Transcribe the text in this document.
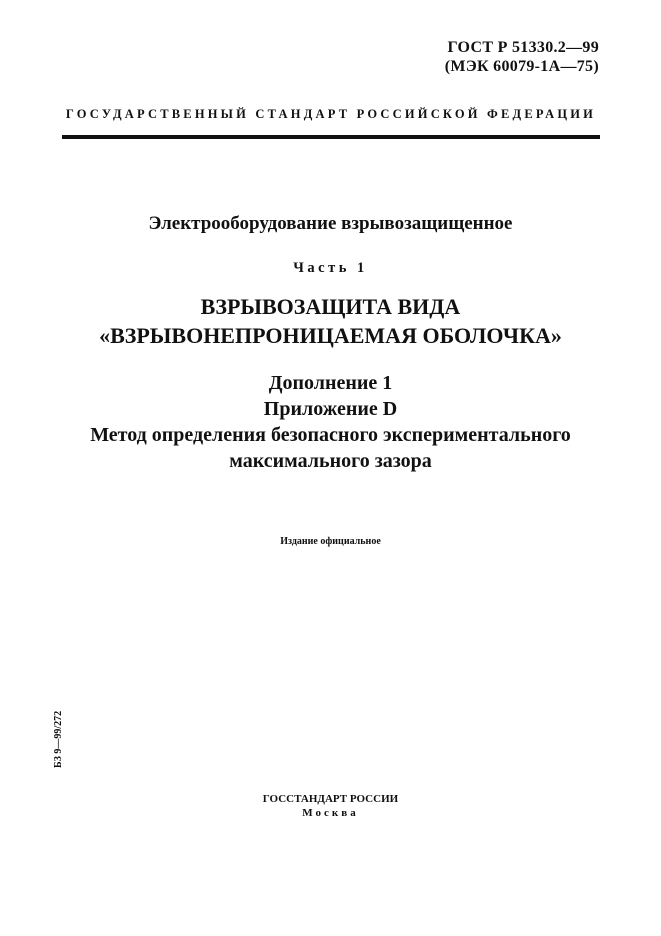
ГОСТ Р 51330.2—99
(МЭК 60079-1А—75)
ГОСУДАРСТВЕННЫЙ СТАНДАРТ РОССИЙСКОЙ ФЕДЕРАЦИИ
Электрооборудование взрывозащищенное
Часть 1
ВЗРЫВОЗАЩИТА ВИДА
«ВЗРЫВОНЕПРОНИЦАЕМАЯ ОБОЛОЧКА»
Дополнение 1
Приложение D
Метод определения безопасного экспериментального
максимального зазора
Издание официальное
БЗ 9—99/272
ГОССТАНДАРТ РОССИИ
Москва
